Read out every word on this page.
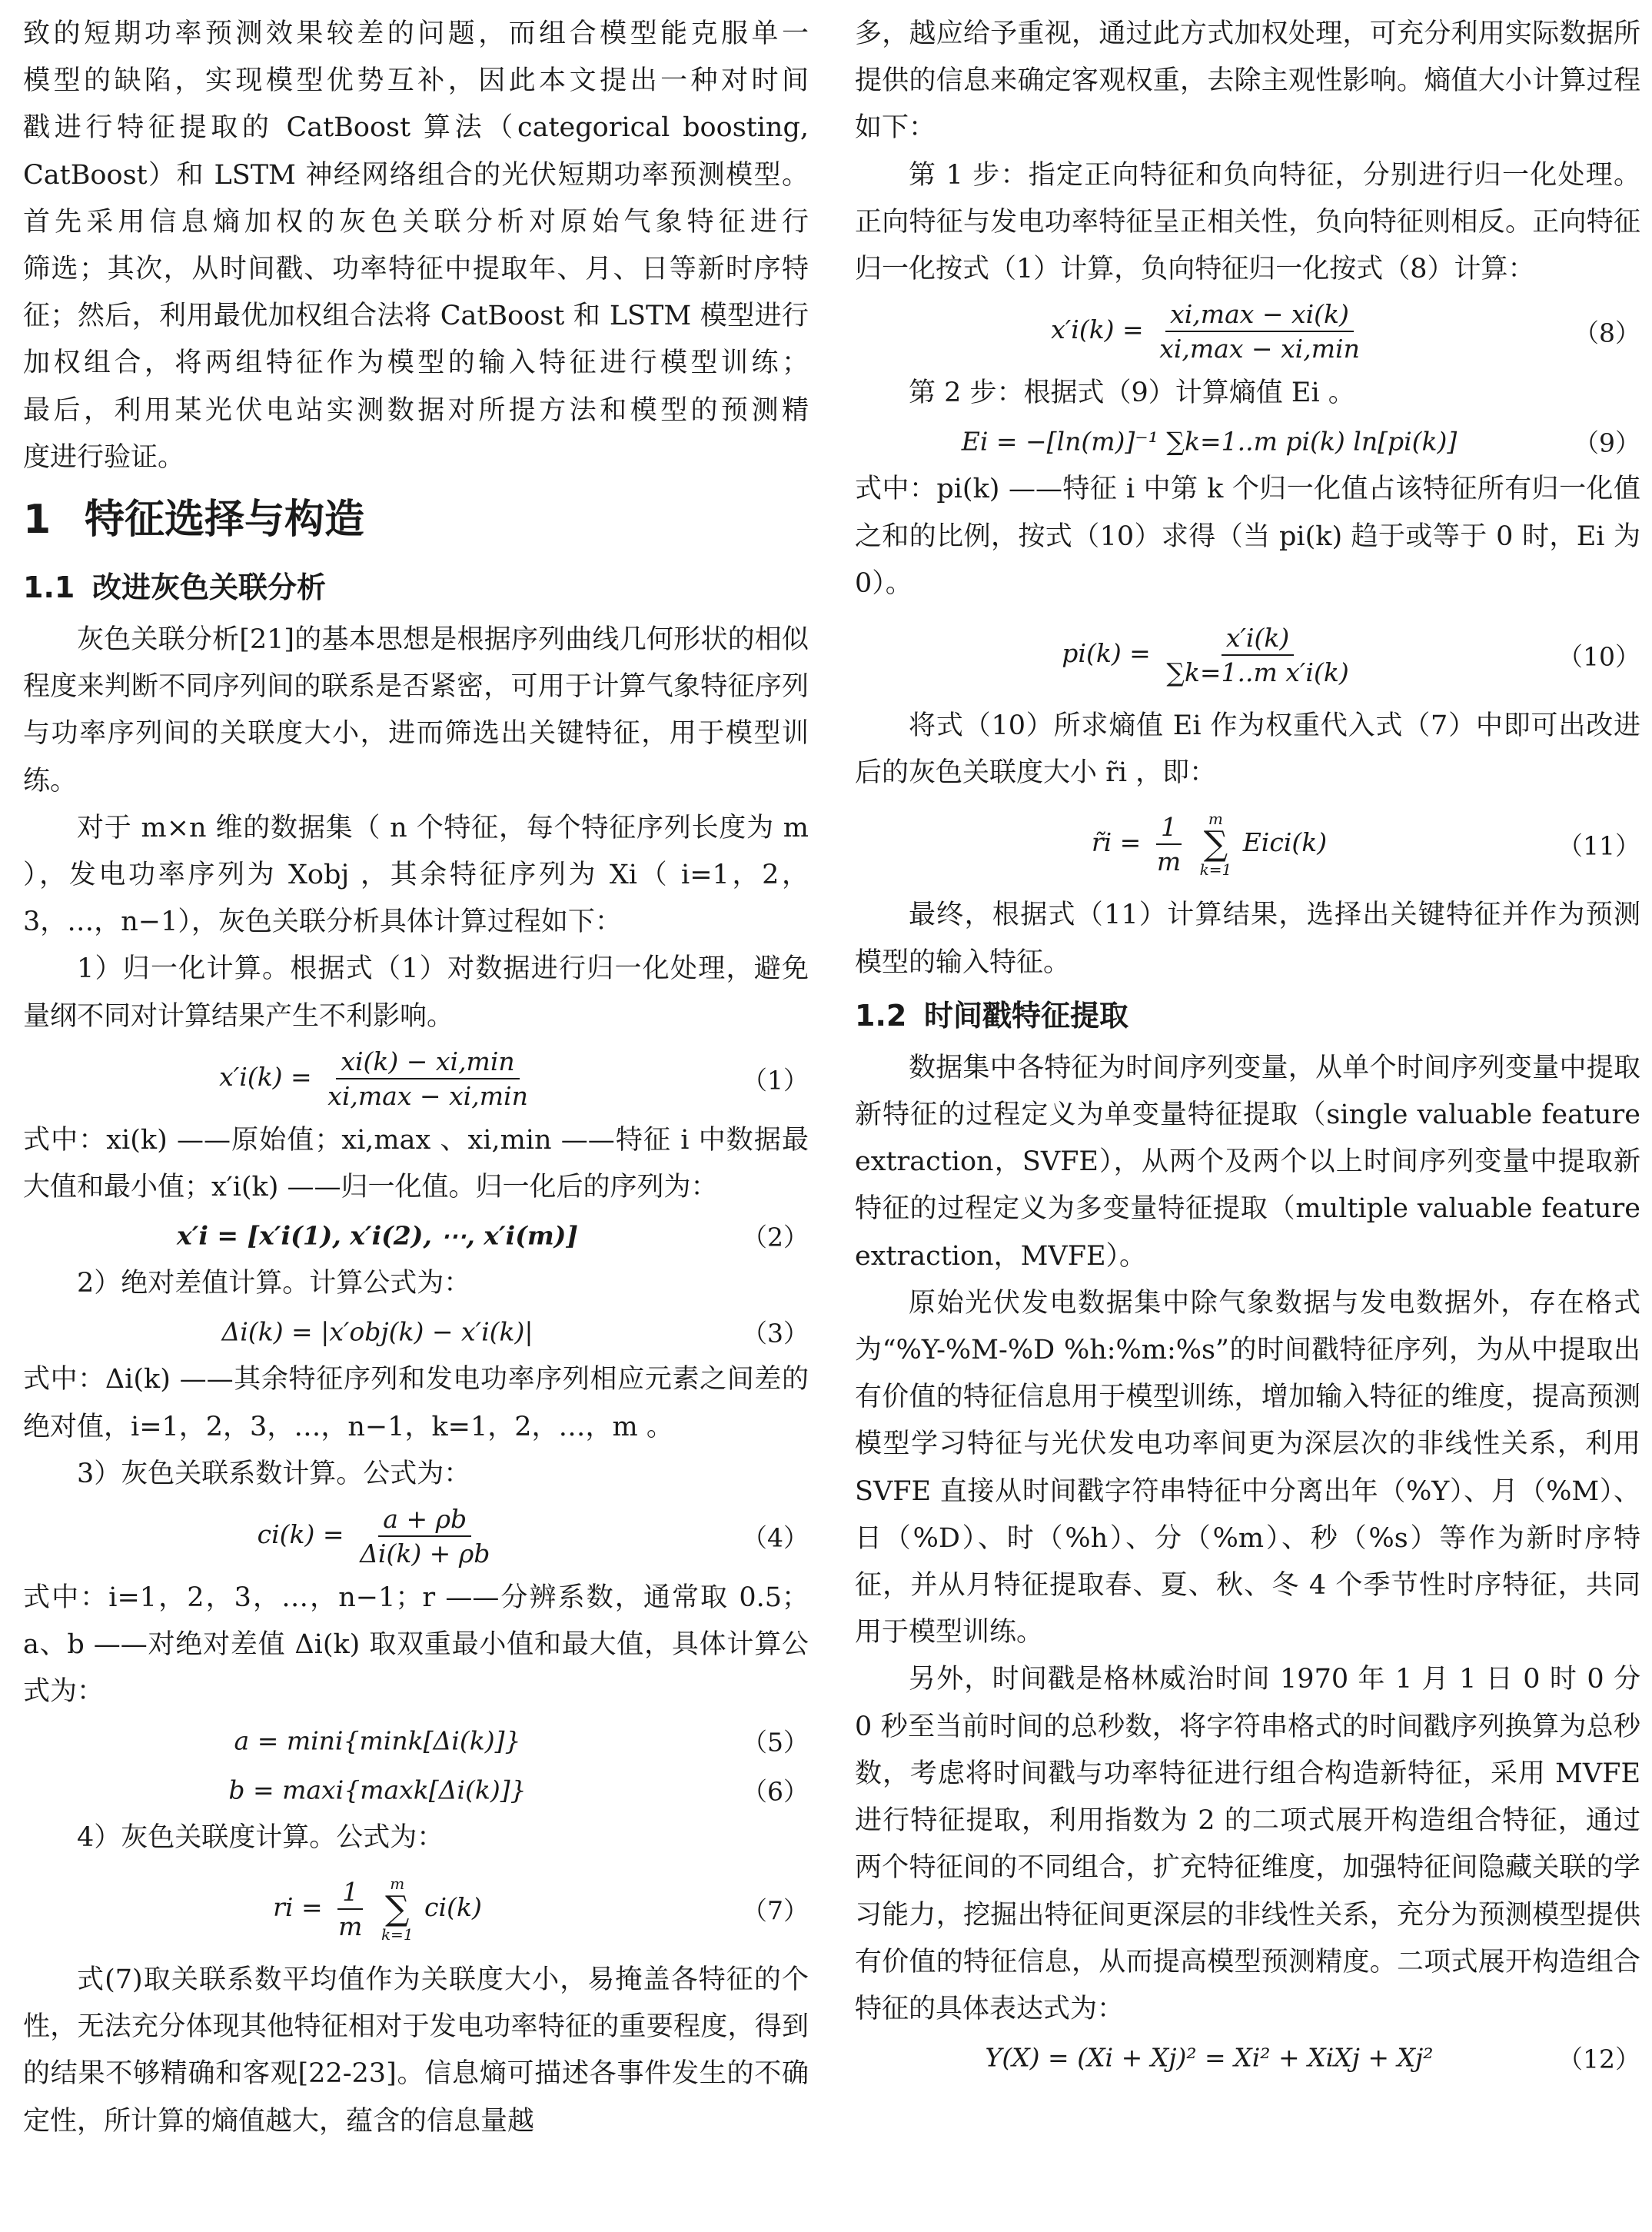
致的短期功率预测效果较差的问题，而组合模型能克服单一
模型的缺陷，实现模型优势互补，因此本文提出一种对时间
戳进行特征提取的 CatBoost 算法（categorical boosting,
CatBoost）和 LSTM 神经网络组合的光伏短期功率预测模型。
首先采用信息熵加权的灰色关联分析对原始气象特征进行
筛选；其次，从时间戳、功率特征中提取年、月、日等新时序特
征；然后，利用最优加权组合法将 CatBoost 和 LSTM 模型进行
加权组合，将两组特征作为模型的输入特征进行模型训练；
最后，利用某光伏电站实测数据对所提方法和模型的预测精
度进行验证。
1 特征选择与构造
1.1 改进灰色关联分析

灰色关联分析[21]的基本思想是根据序列曲线几何形状的相似程度来判断不同序列间的联系是否紧密，可用于计算气象特征序列与功率序列间的关联度大小，进而筛选出关键特征，用于模型训练。

对于 m×n 维的数据集（ n 个特征，每个特征序列长度为 m ），发电功率序列为 Xobj ，其余特征序列为 Xi（ i=1，2，3，…，n−1），灰色关联分析具体计算过程如下：

1）归一化计算。根据式（1）对数据进行归一化处理，避免量纲不同对计算结果产生不利影响。

$x'i(k) = \frac{xi(k) - xi,\min}{xi,\max - xi,\min}$	（1）

式中：xi(k) ——原始值；xi,max 、xi,min ——特征 i 中数据最大值和最小值；x′i(k) ——归一化值。归一化后的序列为：

x′i = [x′i(1), x′i(2), ⋯, x′i(m)]	（2）

2）绝对差值计算。计算公式为：

Δi(k) = |x′obj(k) − x′i(k)|	（3）

式中：Δi(k) ——其余特征序列和发电功率序列相应元素之间差的绝对值，i=1，2，3，…，n−1，k=1，2，…，m 。

3）灰色关联系数计算。公式为：

$ci(k) = \frac{a + \rho b}{\Delta i(k) + \rho b}$	（4）

式中：i=1，2，3，…，n−1；r ——分辨系数，通常取 0.5；a、b ——对绝对差值 Δi(k) 取双重最小值和最大值，具体计算公式为：

a = mini{mink[Δi(k)]}	（5）
b = maxi{maxk[Δi(k)]}	（6）

4）灰色关联度计算。公式为：

ri = $\frac{1}{m}$
m
∑
k=1
ci(k)	（7）

式(7)取关联系数平均值作为关联度大小，易掩盖各特征的个性，无法充分体现其他特征相对于发电功率特征的重要程度，得到的结果不够精确和客观[22-23]。信息熵可描述各事件发生的不确定性，所计算的熵值越大，蕴含的信息量越

多，越应给予重视，通过此方式加权处理，可充分利用实际数据所提供的信息来确定客观权重，去除主观性影响。熵值大小计算过程如下：

第 1 步：指定正向特征和负向特征，分别进行归一化处理。正向特征与发电功率特征呈正相关性，负向特征则相反。正向特征归一化按式（1）计算，负向特征归一化按式（8）计算：

$x'i(k) = \frac{xi,\max - xi(k)}{xi,\max - xi,\min}$	（8）

第 2 步：根据式（9）计算熵值 Ei 。

Ei = −[ln(m)]⁻¹ ∑k=1..m pi(k) ln[pi(k)]	（9）

式中：pi(k) ——特征 i 中第 k 个归一化值占该特征所有归一化值之和的比例，按式（10）求得（当 pi(k) 趋于或等于 0 时，Ei 为 0）。

$pi(k) = \frac{x'i(k)}{\text{∑k=1..m x′i(k)}}$	（10）

将式（10）所求熵值 Ei 作为权重代入式（7）中即可出改进后的灰色关联度大小 r̃i ，即：

r̃i = $\frac{1}{m}$
m
∑
k=1
Eici(k)	（11）

最终，根据式（11）计算结果，选择出关键特征并作为预测模型的输入特征。

1.2 时间戳特征提取

数据集中各特征为时间序列变量，从单个时间序列变量中提取新特征的过程定义为单变量特征提取（single valuable feature extraction，SVFE），从两个及两个以上时间序列变量中提取新特征的过程定义为多变量特征提取（multiple valuable feature extraction，MVFE）。

原始光伏发电数据集中除气象数据与发电数据外，存在格式为“%Y-%M-%D %h:%m:%s”的时间戳特征序列，为从中提取出有价值的特征信息用于模型训练，增加输入特征的维度，提高预测模型学习特征与光伏发电功率间更为深层次的非线性关系，利用 SVFE 直接从时间戳字符串特征中分离出年（%Y）、月（%M）、日（%D）、时（%h）、分（%m）、秒（%s）等作为新时序特征，并从月特征提取春、夏、秋、冬 4 个季节性时序特征，共同用于模型训练。

另外，时间戳是格林威治时间 1970 年 1 月 1 日 0 时 0 分 0 秒至当前时间的总秒数，将字符串格式的时间戳序列换算为总秒数，考虑将时间戳与功率特征进行组合构造新特征，采用 MVFE 进行特征提取，利用指数为 2 的二项式展开构造组合特征，通过两个特征间的不同组合，扩充特征维度，加强特征间隐藏关联的学习能力，挖掘出特征间更深层的非线性关系，充分为预测模型提供有价值的特征信息，从而提高模型预测精度。二项式展开构造组合特征的具体表达式为：

Y(X) = (Xi + Xj)² = Xi² + XiXj + Xj²	（12）
